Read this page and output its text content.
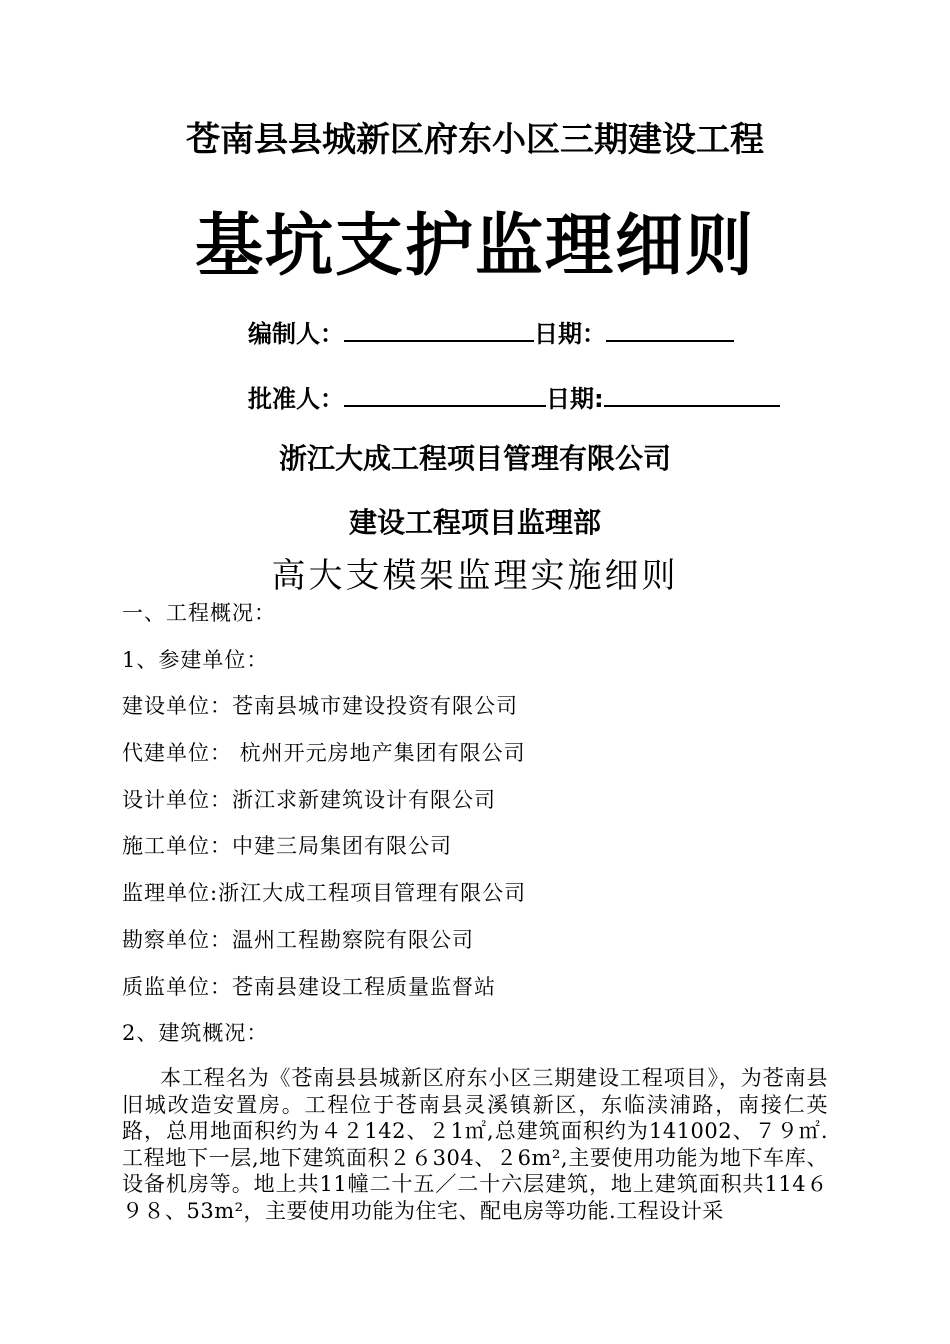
苍南县县城新区府东小区三期建设工程
基坑支护监理细则
编制人：	日期：
批准人：	日期:
浙江大成工程项目管理有限公司
建设工程项目监理部
高大支模架监理实施细则
一、工程概况：
1、参建单位：
建设单位：苍南县城市建设投资有限公司
代建单位： 杭州开元房地产集团有限公司
设计单位：浙江求新建筑设计有限公司
施工单位：中建三局集团有限公司
监理单位:浙江大成工程项目管理有限公司
勘察单位：温州工程勘察院有限公司
质监单位：苍南县建设工程质量监督站
2、建筑概况：
本工程名为《苍南县县城新区府东小区三期建设工程项目》，为苍南县旧城改造安置房。工程位于苍南县灵溪镇新区，东临渎浦路，南接仁英路，总用地面积约为４２142、２1㎡,总建筑面积约为141002、７９㎡.工程地下一层,地下建筑面积２６304、２6m²,主要使用功能为地下车库、设备机房等。地上共11幢二十五／二十六层建筑，地上建筑面积共114６９８、53m²，主要使用功能为住宅、配电房等功能.工程设计采
